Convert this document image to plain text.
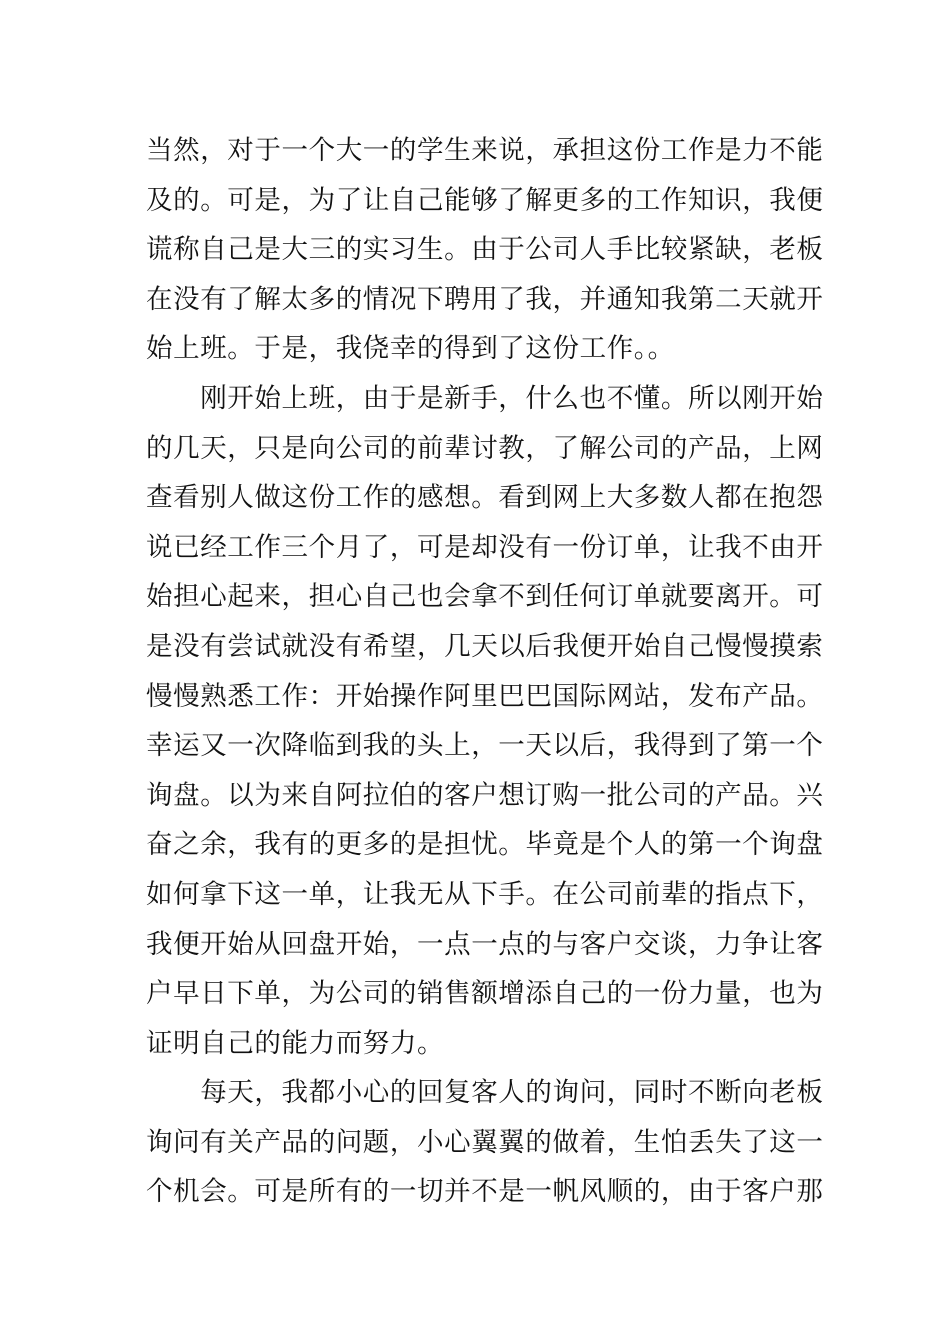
当然，对于一个大一的学生来说，承担这份工作是力不能
及的。可是，为了让自己能够了解更多的工作知识，我便
谎称自己是大三的实习生。由于公司人手比较紧缺，老板
在没有了解太多的情况下聘用了我，并通知我第二天就开
始上班。于是，我侥幸的得到了这份工作。。
　　刚开始上班，由于是新手，什么也不懂。所以刚开始
的几天，只是向公司的前辈讨教，了解公司的产品，上网
查看别人做这份工作的感想。看到网上大多数人都在抱怨
说已经工作三个月了，可是却没有一份订单，让我不由开
始担心起来，担心自己也会拿不到任何订单就要离开。可
是没有尝试就没有希望，几天以后我便开始自己慢慢摸索
慢慢熟悉工作：开始操作阿里巴巴国际网站，发布产品。
幸运又一次降临到我的头上，一天以后，我得到了第一个
询盘。以为来自阿拉伯的客户想订购一批公司的产品。兴
奋之余，我有的更多的是担忧。毕竟是个人的第一个询盘
如何拿下这一单，让我无从下手。在公司前辈的指点下，
我便开始从回盘开始，一点一点的与客户交谈，力争让客
户早日下单，为公司的销售额增添自己的一份力量，也为
证明自己的能力而努力。
　　每天，我都小心的回复客人的询问，同时不断向老板
询问有关产品的问题，小心翼翼的做着，生怕丢失了这一
个机会。可是所有的一切并不是一帆风顺的，由于客户那
